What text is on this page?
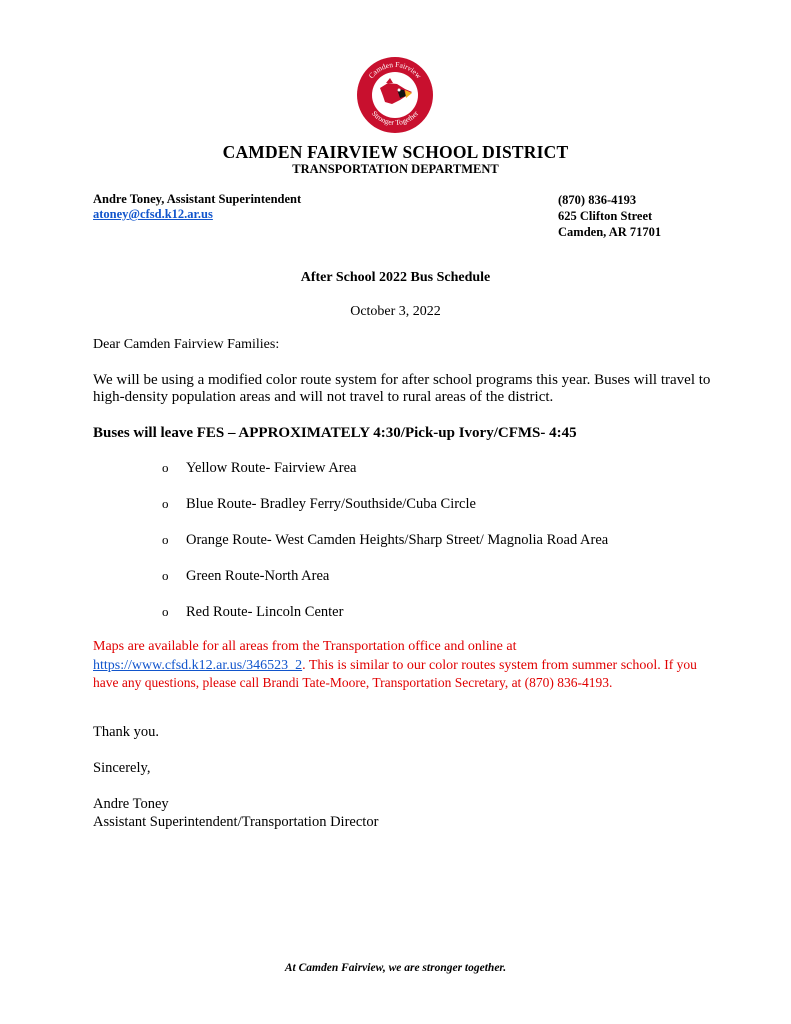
Camden Fairview
Stronger Together
CAMDEN FAIRVIEW SCHOOL DISTRICT
TRANSPORTATION DEPARTMENT
Andre Toney, Assistant Superintendent
atoney@cfsd.k12.ar.us
(870) 836-4193
625 Clifton Street
Camden, AR 71701
After School 2022 Bus Schedule
October 3, 2022
Dear Camden Fairview Families:
We will be using a modified color route system for after school programs this year. Buses will travel to high-density population areas and will not travel to rural areas of the district.
Buses will leave FES – APPROXIMATELY 4:30/Pick-up Ivory/CFMS- 4:45
o	Yellow Route- Fairview Area
o	Blue Route- Bradley Ferry/Southside/Cuba Circle
o	Orange Route- West Camden Heights/Sharp Street/ Magnolia Road Area
o	Green Route-North Area
o	Red Route- Lincoln Center
Maps are available for all areas from the Transportation office and online at https://www.cfsd.k12.ar.us/346523_2. This is similar to our color routes system from summer school. If you have any questions, please call Brandi Tate-Moore, Transportation Secretary, at (870) 836-4193.
Thank you.
Sincerely,
Andre Toney
Assistant Superintendent/Transportation Director
At Camden Fairview, we are stronger together.
